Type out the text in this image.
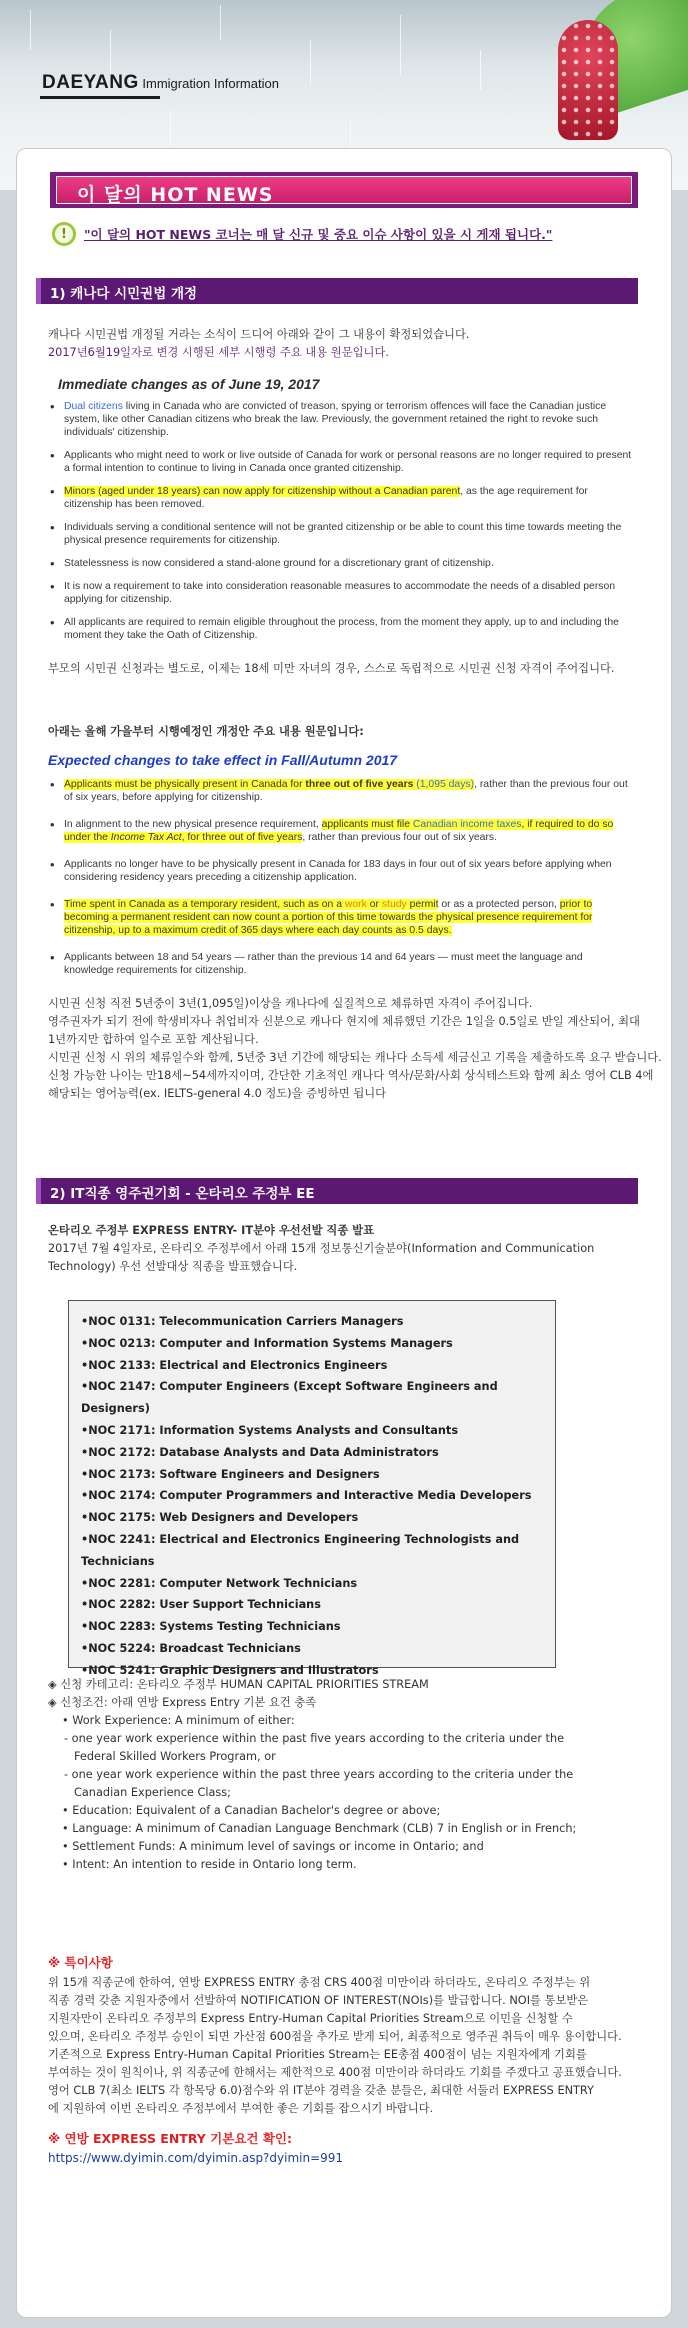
DAEYANG Immigration Information
이 달의 HOT NEWS
!	"이 달의 HOT NEWS 코너는 매 달 신규 및 중요 이슈 사항이 있을 시 게재 됩니다."
1) 캐나다 시민권법 개정
캐나다 시민권법 개정될 거라는 소식이 드디어 아래와 같이 그 내용이 확정되었습니다.
2017년6월19일자로 변경 시행된 세부 시행령 주요 내용 원문입니다.
Immediate changes as of June 19, 2017
• Dual citizens living in Canada who are convicted of treason, spying or terrorism offences will face the Canadian justice system, like other Canadian citizens who break the law. Previously, the government retained the right to revoke such individuals' citizenship.
• Applicants who might need to work or live outside of Canada for work or personal reasons are no longer required to present a formal intention to continue to living in Canada once granted citizenship.
• Minors (aged under 18 years) can now apply for citizenship without a Canadian parent, as the age requirement for citizenship has been removed.
• Individuals serving a conditional sentence will not be granted citizenship or be able to count this time towards meeting the physical presence requirements for citizenship.
• Statelessness is now considered a stand-alone ground for a discretionary grant of citizenship.
• It is now a requirement to take into consideration reasonable measures to accommodate the needs of a disabled person applying for citizenship.
• All applicants are required to remain eligible throughout the process, from the moment they apply, up to and including the moment they take the Oath of Citizenship.
부모의 시민권 신청과는 별도로, 이제는 18세 미만 자녀의 경우, 스스로 독립적으로 시민권 신청 자격이 주어집니다.
아래는 올해 가을부터 시행예정인 개정안 주요 내용 원문입니다:
Expected changes to take effect in Fall/Autumn 2017
• Applicants must be physically present in Canada for three out of five years (1,095 days), rather than the previous four out of six years, before applying for citizenship.
• In alignment to the new physical presence requirement, applicants must file Canadian income taxes, if required to do so under the Income Tax Act, for three out of five years, rather than previous four out of six years.
• Applicants no longer have to be physically present in Canada for 183 days in four out of six years before applying when considering residency years preceding a citizenship application.
• Time spent in Canada as a temporary resident, such as on a work or study permit or as a protected person, prior to becoming a permanent resident can now count a portion of this time towards the physical presence requirement for citizenship, up to a maximum credit of 365 days where each day counts as 0.5 days.
• Applicants between 18 and 54 years — rather than the previous 14 and 64 years — must meet the language and knowledge requirements for citizenship.
시민권 신청 직전 5년중이 3년(1,095일)이상을 캐나다에 실질적으로 체류하면 자격이 주어집니다.
영주권자가 되기 전에 학생비자나 취업비자 신분으로 캐나다 현지에 체류했던 기간은 1일을 0.5일로 반일 계산되어, 최대
1년까지만 합하여 일수로 포함 계산됩니다.
시민권 신청 시 위의 체류일수와 함께, 5년중 3년 기간에 해당되는 캐나다 소득세 세금신고 기록을 제출하도록 요구 받습니다.
신청 가능한 나이는 만18세~54세까지이며, 간단한 기초적인 캐나다 역사/문화/사회 상식테스트와 함께 최소 영어 CLB 4에
해당되는 영어능력(ex. IELTS-general 4.0 정도)을 증빙하면 됩니다
2) IT직종 영주권기회 - 온타리오 주정부 EE
온타리오 주정부 EXPRESS ENTRY- IT분야 우선선발 직종 발표
2017년 7월 4일자로, 온타리오 주정부에서 아래 15개 정보통신기술분야(Information and Communication
Technology) 우선 선발대상 직종을 발표했습니다.
•NOC 0131: Telecommunication Carriers Managers
•NOC 0213: Computer and Information Systems Managers
•NOC 2133: Electrical and Electronics Engineers
•NOC 2147: Computer Engineers (Except Software Engineers and Designers)
•NOC 2171: Information Systems Analysts and Consultants
•NOC 2172: Database Analysts and Data Administrators
•NOC 2173: Software Engineers and Designers
•NOC 2174: Computer Programmers and Interactive Media Developers
•NOC 2175: Web Designers and Developers
•NOC 2241: Electrical and Electronics Engineering Technologists and
Technicians
•NOC 2281: Computer Network Technicians
•NOC 2282: User Support Technicians
•NOC 2283: Systems Testing Technicians
•NOC 5224: Broadcast Technicians
•NOC 5241: Graphic Designers and Illustrators
◈ 신청 카테고리: 온타리오 주정부 HUMAN CAPITAL PRIORITIES STREAM
◈ 신청조건: 아래 연방 Express Entry 기본 요건 충족
• Work Experience: A minimum of either:
- one year work experience within the past five years according to the criteria under the
Federal Skilled Workers Program, or
- one year work experience within the past three years according to the criteria under the
Canadian Experience Class;
• Education: Equivalent of a Canadian Bachelor's degree or above;
• Language: A minimum of Canadian Language Benchmark (CLB) 7 in English or in French;
• Settlement Funds: A minimum level of savings or income in Ontario; and
• Intent: An intention to reside in Ontario long term.
※ 특이사항
위 15개 직종군에 한하여, 연방 EXPRESS ENTRY 총점 CRS 400점 미만이라 하더라도, 온타리오 주정부는 위
직종 경력 갖춘 지원자중에서 선발하여 NOTIFICATION OF INTEREST(NOIs)를 발급합니다. NOI를 통보받은
지원자만이 온타리오 주정부의 Express Entry-Human Capital Priorities Stream으로 이민을 신청할 수
있으며, 온타리오 주정부 승인이 되면 가산점 600점을 추가로 받게 되어, 최종적으로 영주권 취득이 매우 용이합니다.
기존적으로 Express Entry-Human Capital Priorities Stream는 EE총점 400점이 넘는 지원자에게 기회를
부여하는 것이 원칙이나, 위 직종군에 한해서는 제한적으로 400점 미만이라 하더라도 기회를 주겠다고 공표했습니다.
영어 CLB 7(최소 IELTS 각 항목당 6.0)점수와 위 IT분야 경력을 갖춘 분들은, 최대한 서둘러 EXPRESS ENTRY
에 지원하여 이번 온타리오 주정부에서 부여한 좋은 기회를 잡으시기 바랍니다.
※ 연방 EXPRESS ENTRY 기본요건 확인:
https://www.dyimin.com/dyimin.asp?dyimin=991
